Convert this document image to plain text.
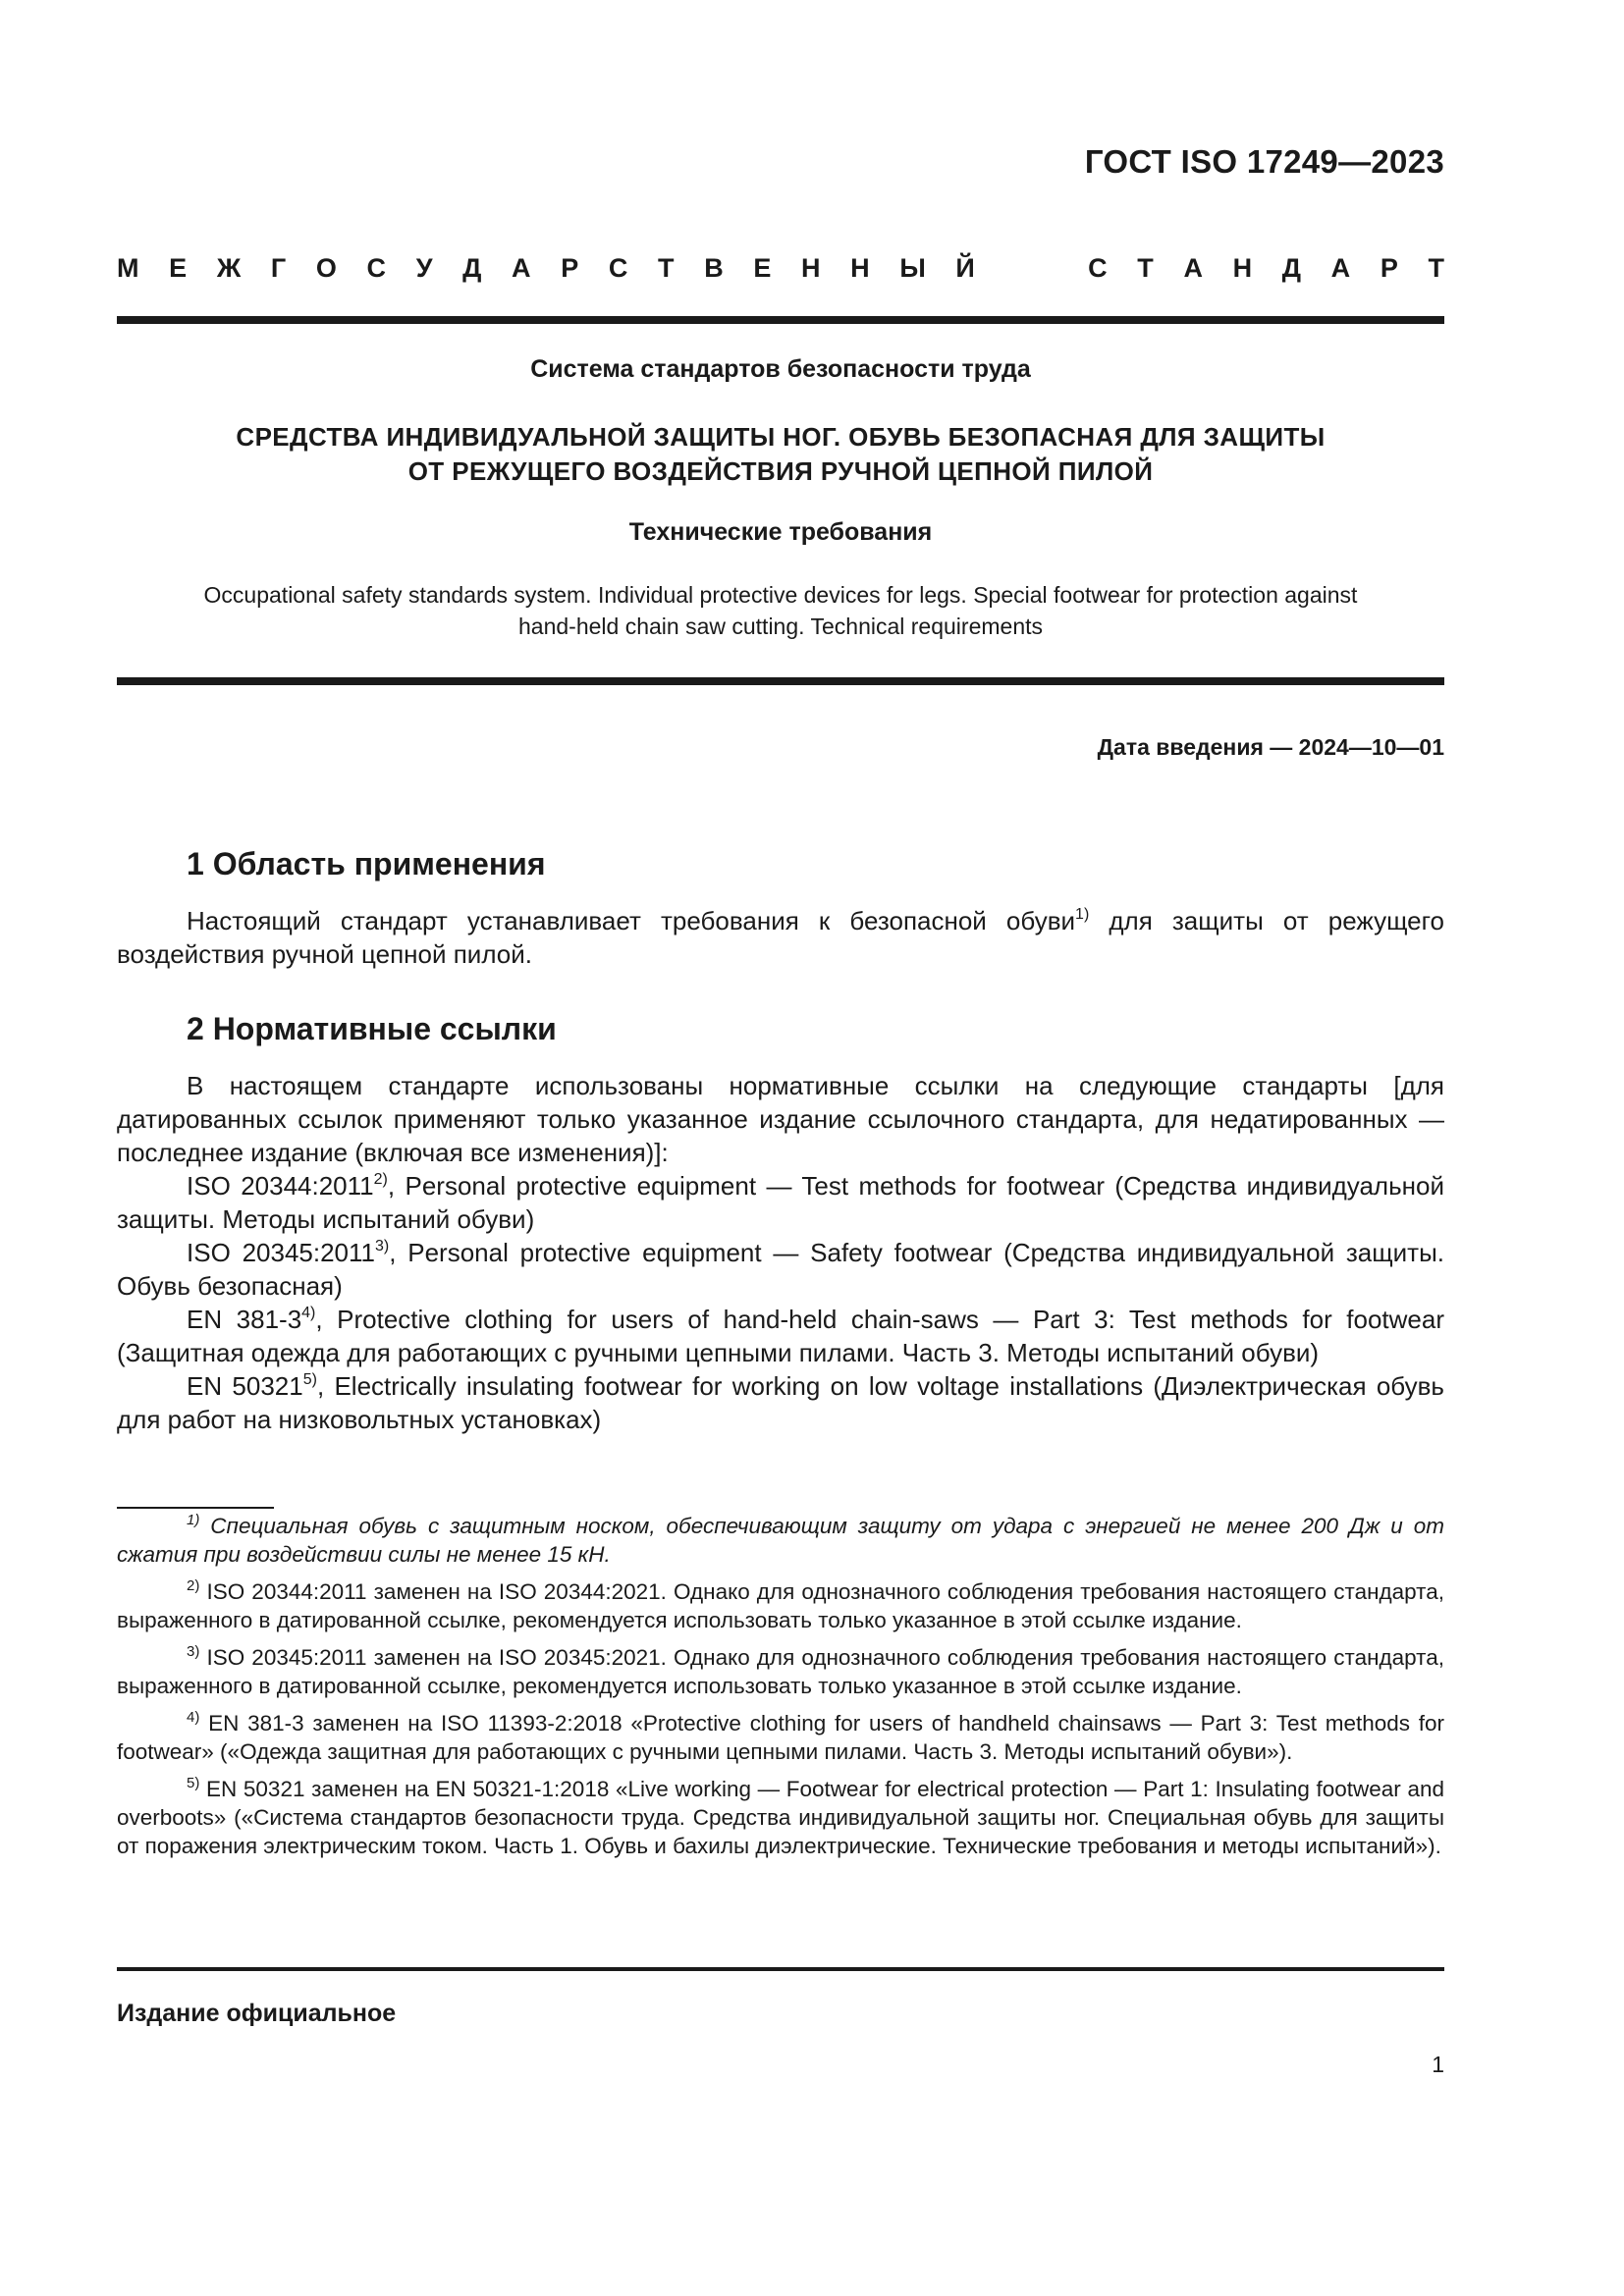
ГОСТ ISO 17249—2023
М Е Ж Г О С У Д А Р С Т В Е Н Н Ы Й	С Т А Н Д А Р Т
Система стандартов безопасности труда
СРЕДСТВА ИНДИВИДУАЛЬНОЙ ЗАЩИТЫ НОГ. ОБУВЬ БЕЗОПАСНАЯ ДЛЯ ЗАЩИТЫ
ОТ РЕЖУЩЕГО ВОЗДЕЙСТВИЯ РУЧНОЙ ЦЕПНОЙ ПИЛОЙ
Технические требования
Occupational safety standards system. Individual protective devices for legs. Special footwear for protection against
hand-held chain saw cutting. Technical requirements
Дата введения — 2024—10—01
1 Область применения

Настоящий стандарт устанавливает требования к безопасной обуви$^{1)}$ для защиты от режущего воздействия ручной цепной пилой.

2 Нормативные ссылки

В настоящем стандарте использованы нормативные ссылки на следующие стандарты [для датированных ссылок применяют только указанное издание ссылочного стандарта, для недатированных — последнее издание (включая все изменения)]:

ISO 20344:2011$^{2)}$, Personal protective equipment — Test methods for footwear (Средства индивидуальной защиты. Методы испытаний обуви)

ISO 20345:2011$^{3)}$, Personal protective equipment — Safety footwear (Средства индивидуальной защиты. Обувь безопасная)

EN 381-3$^{4)}$, Protective clothing for users of hand-held chain-saws — Part 3: Test methods for footwear (Защитная одежда для работающих с ручными цепными пилами. Часть 3. Методы испытаний обуви)

EN 50321$^{5)}$, Electrically insulating footwear for working on low voltage installations (Диэлектрическая обувь для работ на низковольтных установках)

$^{1)}$ Специальная обувь с защитным носком, обеспечивающим защиту от удара с энергией не менее 200 Дж и от сжатия при воздействии силы не менее 15 кН.

$^{2)}$ ISO 20344:2011 заменен на ISO 20344:2021. Однако для однозначного соблюдения требования настоящего стандарта, выраженного в датированной ссылке, рекомендуется использовать только указанное в этой ссылке издание.

$^{3)}$ ISO 20345:2011 заменен на ISO 20345:2021. Однако для однозначного соблюдения требования настоящего стандарта, выраженного в датированной ссылке, рекомендуется использовать только указанное в этой ссылке издание.

$^{4)}$ EN 381-3 заменен на ISO 11393-2:2018 «Protective clothing for users of handheld chainsaws — Part 3: Test methods for footwear» («Одежда защитная для работающих с ручными цепными пилами. Часть 3. Методы испытаний обуви»).

$^{5)}$ EN 50321 заменен на EN 50321-1:2018 «Live working — Footwear for electrical protection — Part 1: Insulating footwear and overboots» («Система стандартов безопасности труда. Средства индивидуальной защиты ног. Специальная обувь для защиты от поражения электрическим током. Часть 1. Обувь и бахилы диэлектрические. Технические требования и методы испытаний»).

Издание официальное
1
